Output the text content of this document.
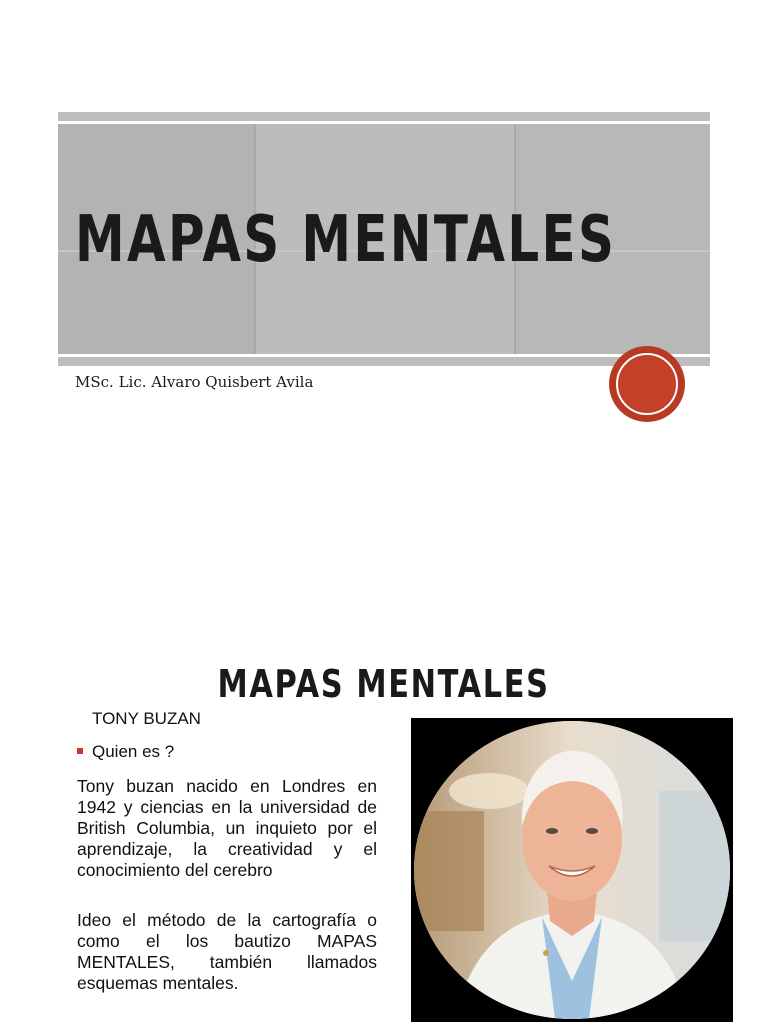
MAPAS MENTALES
MSc. Lic. Alvaro Quisbert Avila
MAPAS MENTALES
TONY BUZAN
Quien es ?
Tony buzan nacido en Londres en 1942 y ciencias en la universidad de British Columbia, un inquieto por el aprendizaje, la creatividad y el conocimiento del cerebro
Ideo el método de la cartografía o como el los bautizo MAPAS MENTALES, también llamados esquemas mentales.
